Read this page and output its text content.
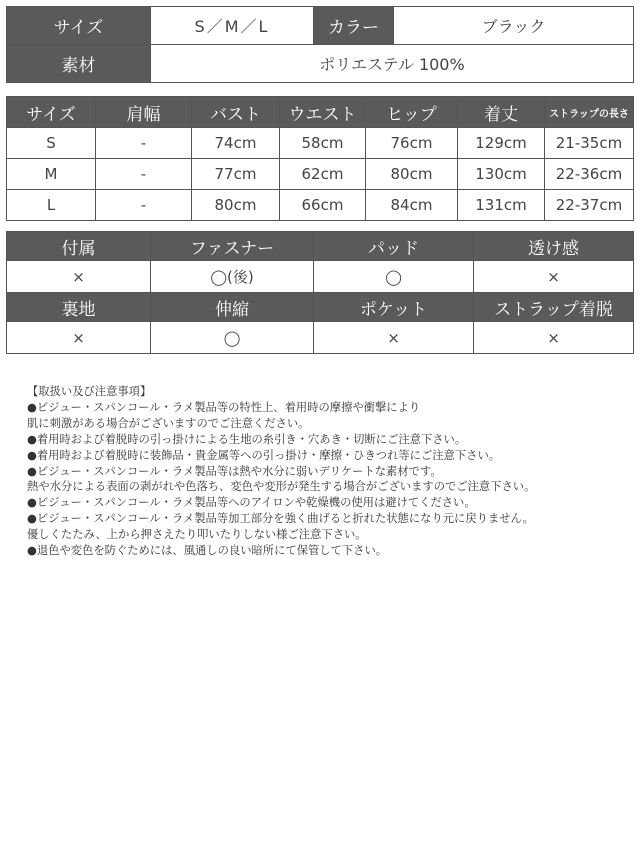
サイズ	S／M／L	カラー	ブラック
素材	ポリエステル 100%		
サイズ	肩幅	バスト	ウエスト	ヒップ	着丈	ストラップの長さ
S	-	74cm	58cm	76cm	129cm	21-35cm
M	-	77cm	62cm	80cm	130cm	22-36cm
L	-	80cm	66cm	84cm	131cm	22-37cm
付属	ファスナー	パッド	透け感
×	◯(後)	◯	×
裏地	伸縮	ポケット	ストラップ着脱
×	◯	×	×
【取扱い及び注意事項】
●ビジュー・スパンコール・ラメ製品等の特性上、着用時の摩擦や衝撃により
肌に刺激がある場合がございますのでご注意ください。
●着用時および着脱時の引っ掛けによる生地の糸引き・穴あき・切断にご注意下さい。
●着用時および着脱時に装飾品・貴金属等への引っ掛け・摩擦・ひきつれ等にご注意下さい。
●ビジュー・スパンコール・ラメ製品等は熱や水分に弱いデリケートな素材です。
熱や水分による表面の剥がれや色落ち、変色や変形が発生する場合がございますのでご注意下さい。
●ビジュー・スパンコール・ラメ製品等へのアイロンや乾燥機の使用は避けてください。
●ビジュー・スパンコール・ラメ製品等加工部分を強く曲げると折れた状態になり元に戻りません。
優しくたたみ、上から押さえたり叩いたりしない様ご注意下さい。
●退色や変色を防ぐためには、風通しの良い暗所にて保管して下さい。
